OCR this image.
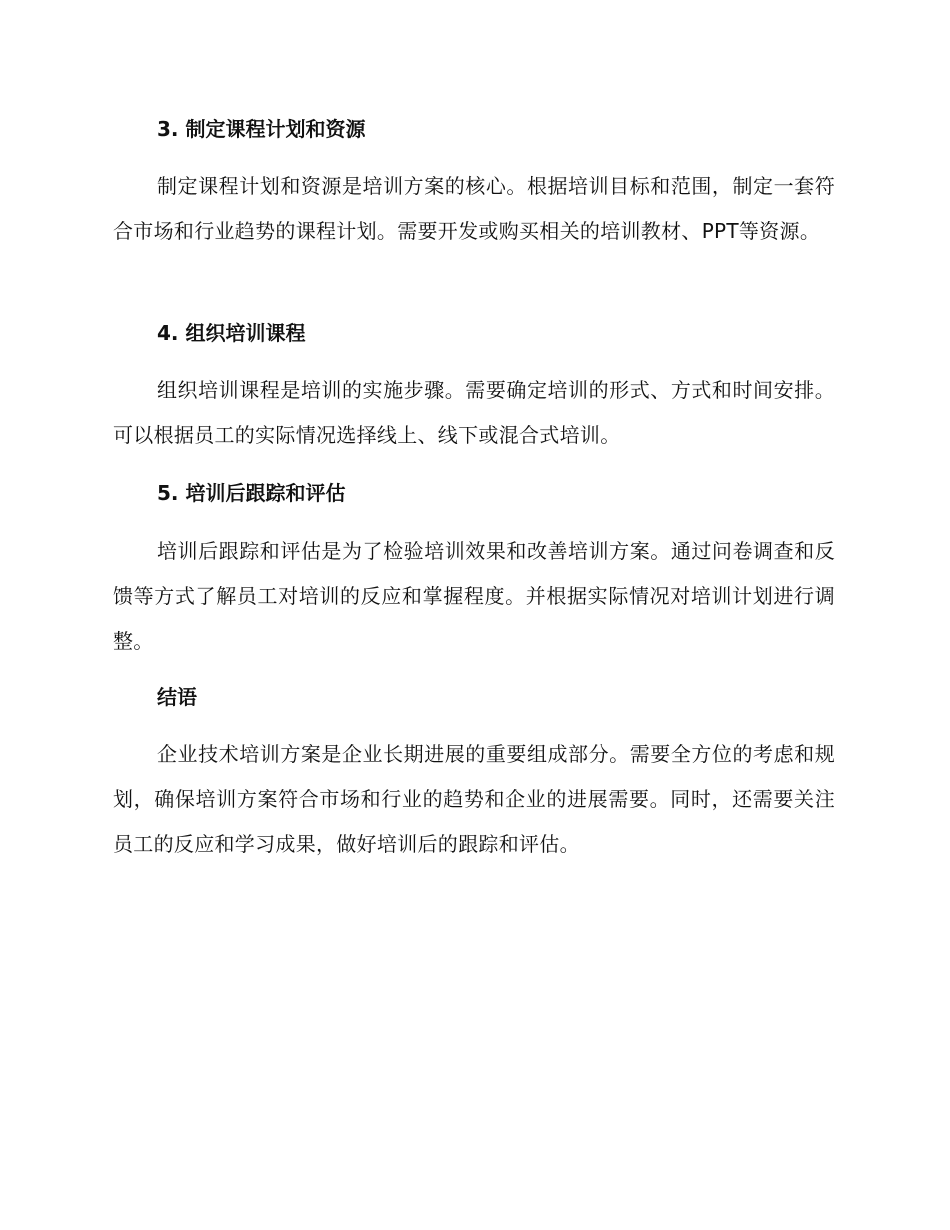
3. 制定课程计划和资源

制定课程计划和资源是培训方案的核心。根据培训目标和范围，制定一套符合市场和行业趋势的课程计划。需要开发或购买相关的培训教材、PPT等资源。

4. 组织培训课程

组织培训课程是培训的实施步骤。需要确定培训的形式、方式和时间安排。可以根据员工的实际情况选择线上、线下或混合式培训。

5. 培训后跟踪和评估

培训后跟踪和评估是为了检验培训效果和改善培训方案。通过问卷调查和反馈等方式了解员工对培训的反应和掌握程度。并根据实际情况对培训计划进行调整。

结语

企业技术培训方案是企业长期进展的重要组成部分。需要全方位的考虑和规划，确保培训方案符合市场和行业的趋势和企业的进展需要。同时，还需要关注员工的反应和学习成果，做好培训后的跟踪和评估。
